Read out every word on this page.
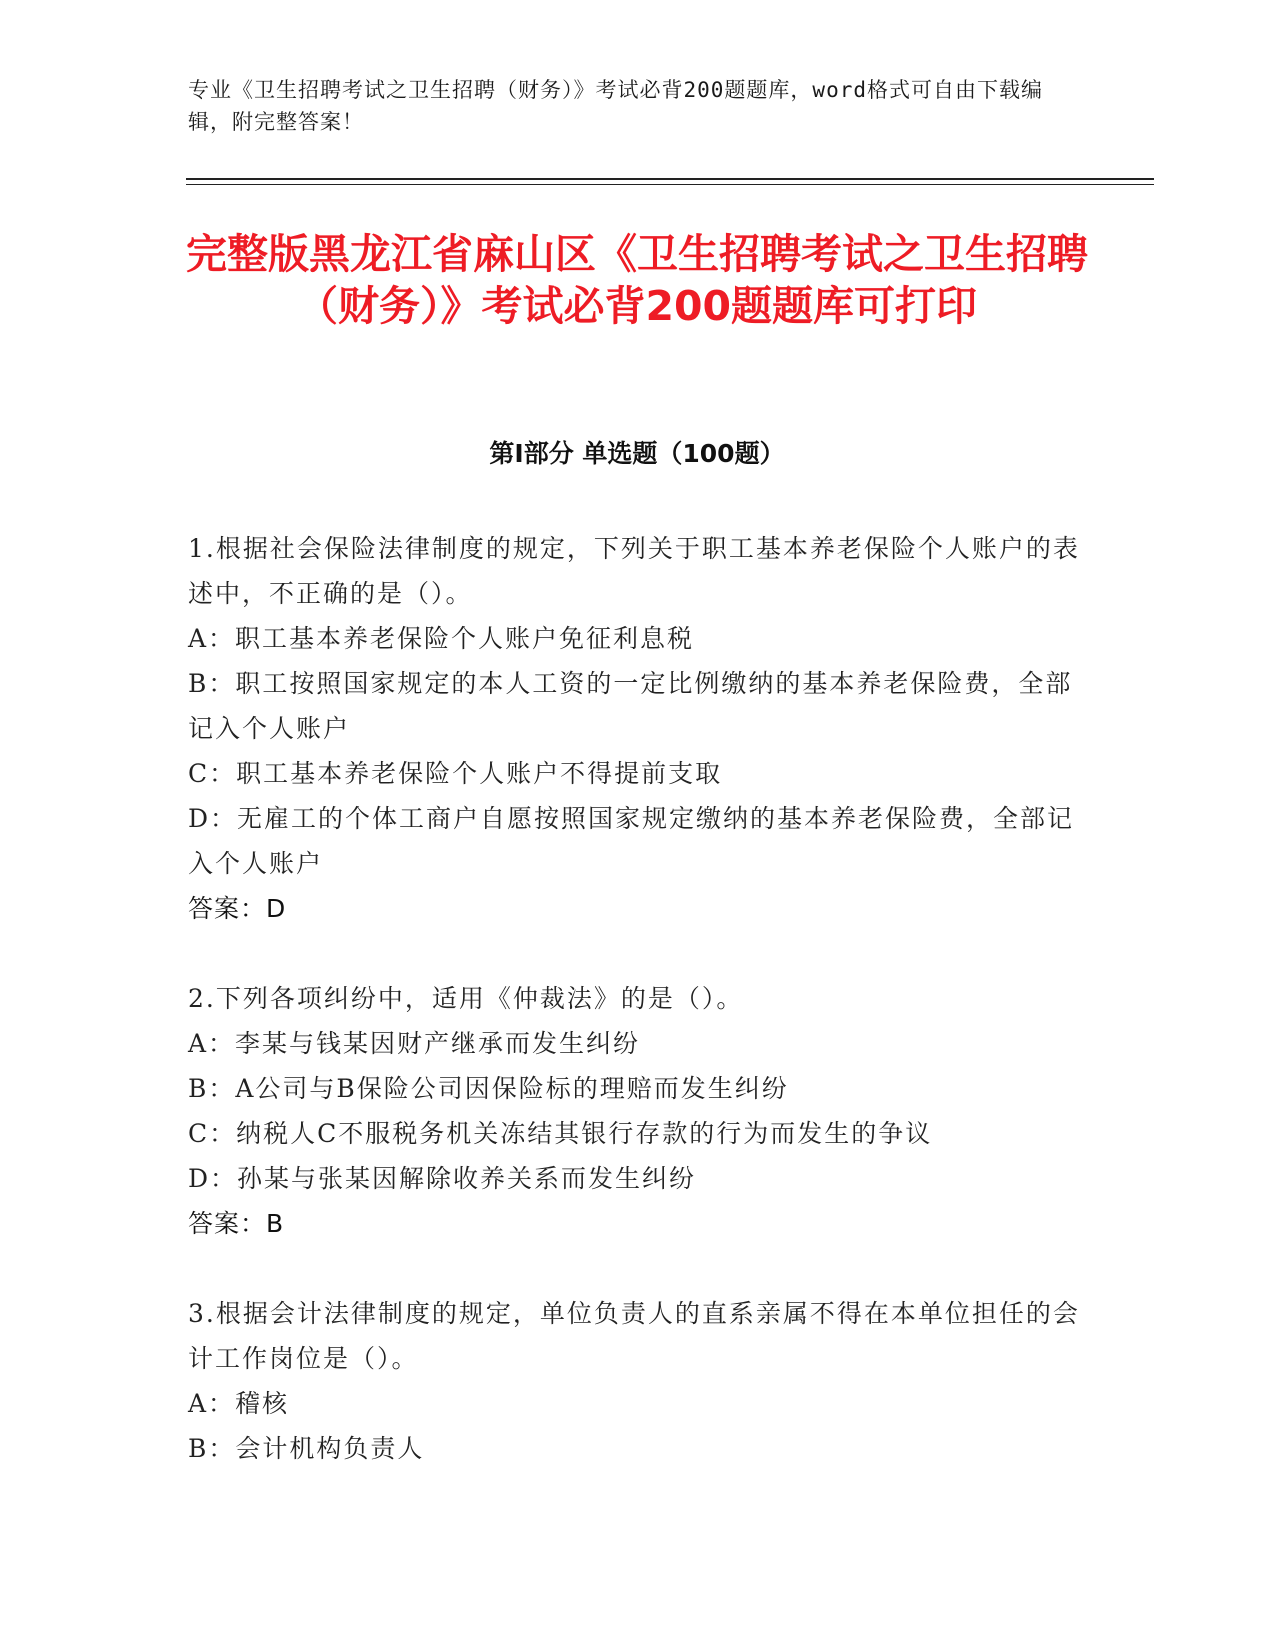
专业《卫生招聘考试之卫生招聘（财务）》考试必背200题题库，word格式可自由下载编辑，附完整答案！
完整版黑龙江省麻山区《卫生招聘考试之卫生招聘（财务）》考试必背200题题库可打印
第I部分 单选题（100题）
1.根据社会保险法律制度的规定，下列关于职工基本养老保险个人账户的表述中，不正确的是（）。
A：职工基本养老保险个人账户免征利息税
B：职工按照国家规定的本人工资的一定比例缴纳的基本养老保险费，全部记入个人账户
C：职工基本养老保险个人账户不得提前支取
D：无雇工的个体工商户自愿按照国家规定缴纳的基本养老保险费，全部记入个人账户
答案：D
2.下列各项纠纷中，适用《仲裁法》的是（）。
A：李某与钱某因财产继承而发生纠纷
B：A公司与B保险公司因保险标的理赔而发生纠纷
C：纳税人C不服税务机关冻结其银行存款的行为而发生的争议
D：孙某与张某因解除收养关系而发生纠纷
答案：B
3.根据会计法律制度的规定，单位负责人的直系亲属不得在本单位担任的会计工作岗位是（）。
A：稽核
B：会计机构负责人
